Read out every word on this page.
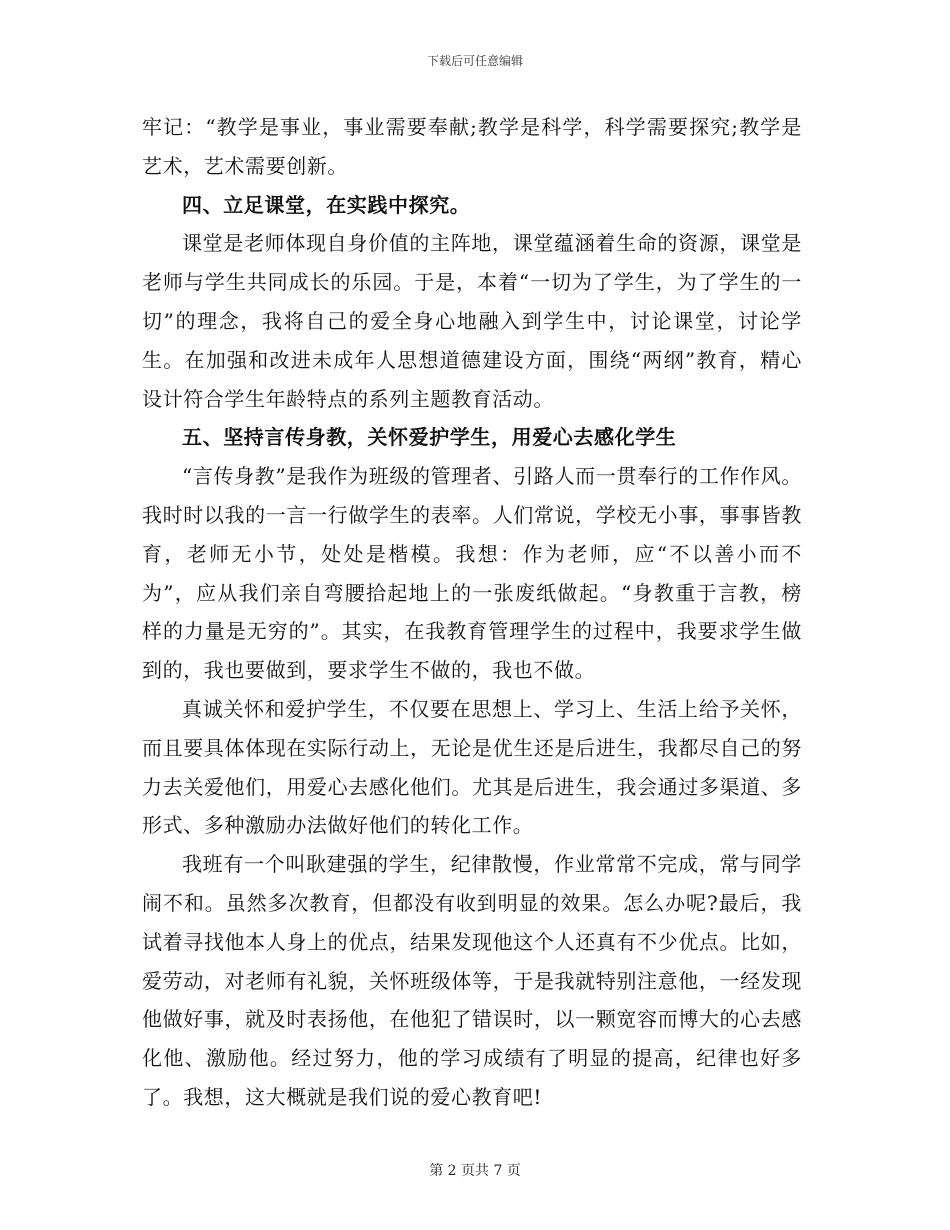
下载后可任意编辑

牢记：“教学是事业，事业需要奉献;教学是科学，科学需要探究;教学是艺术，艺术需要创新。

四、立足课堂，在实践中探究。

课堂是老师体现自身价值的主阵地，课堂蕴涵着生命的资源，课堂是老师与学生共同成长的乐园。于是，本着“一切为了学生，为了学生的一切”的理念，我将自己的爱全身心地融入到学生中，讨论课堂，讨论学生。在加强和改进未成年人思想道德建设方面，围绕“两纲”教育，精心设计符合学生年龄特点的系列主题教育活动。

五、坚持言传身教，关怀爱护学生，用爱心去感化学生

“言传身教”是我作为班级的管理者、引路人而一贯奉行的工作作风。我时时以我的一言一行做学生的表率。人们常说，学校无小事，事事皆教育，老师无小节，处处是楷模。我想：作为老师，应“不以善小而不为”，应从我们亲自弯腰拾起地上的一张废纸做起。“身教重于言教，榜样的力量是无穷的”。其实，在我教育管理学生的过程中，我要求学生做到的，我也要做到，要求学生不做的，我也不做。

真诚关怀和爱护学生，不仅要在思想上、学习上、生活上给予关怀，而且要具体体现在实际行动上，无论是优生还是后进生，我都尽自己的努力去关爱他们，用爱心去感化他们。尤其是后进生，我会通过多渠道、多形式、多种激励办法做好他们的转化工作。

我班有一个叫耿建强的学生，纪律散慢，作业常常不完成，常与同学闹不和。虽然多次教育，但都没有收到明显的效果。怎么办呢?最后，我试着寻找他本人身上的优点，结果发现他这个人还真有不少优点。比如，爱劳动，对老师有礼貌，关怀班级体等，于是我就特别注意他，一经发现他做好事，就及时表扬他，在他犯了错误时，以一颗宽容而博大的心去感化他、激励他。经过努力，他的学习成绩有了明显的提高，纪律也好多了。我想，这大概就是我们说的爱心教育吧!

第 2 页共 7 页
